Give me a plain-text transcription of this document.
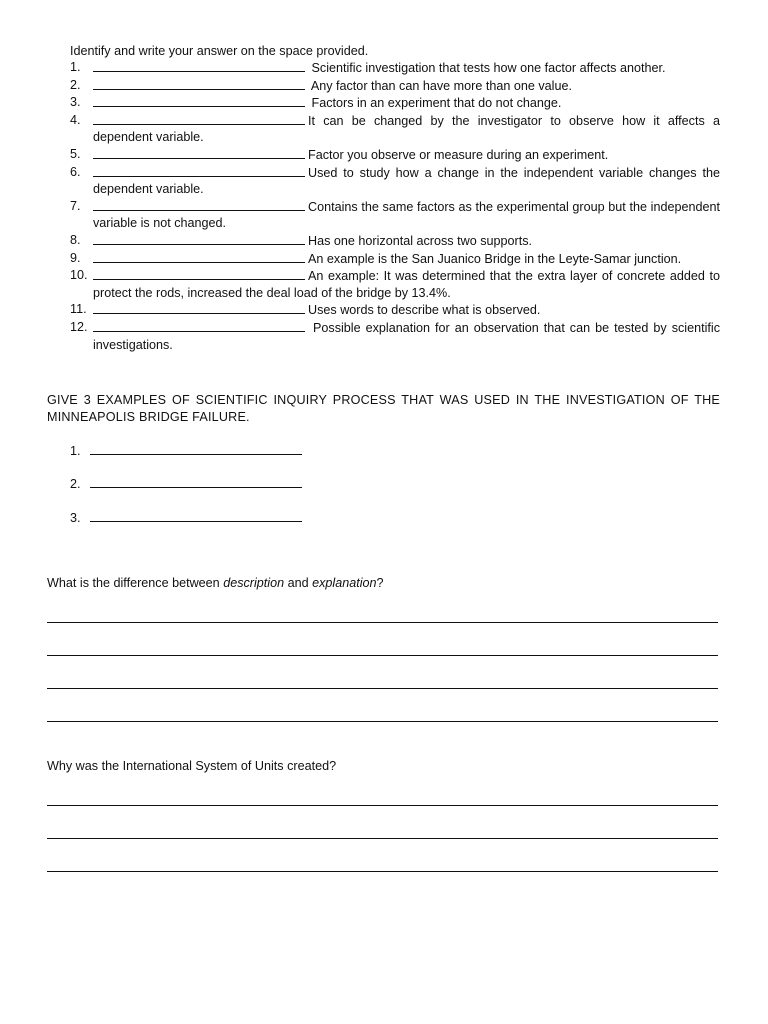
Identify and write your answer on the space provided.
1.	Scientific investigation that tests how one factor affects another.
2.	Any factor than can have more than one value.
3.	Factors in an experiment that do not change.
4.	It can be changed by the investigator to observe how it affects a dependent variable.
5.	Factor you observe or measure during an experiment.
6.	Used to study how a change in the independent variable changes the dependent variable.
7.	Contains the same factors as the experimental group but the independent variable is not changed.
8.	Has one horizontal across two supports.
9.	An example is the San Juanico Bridge in the Leyte-Samar junction.
10.	An example: It was determined that the extra layer of concrete added to protect the rods, increased the deal load of the bridge by 13.4%.
11.	Uses words to describe what is observed.
12.	Possible explanation for an observation that can be tested by scientific investigations.
GIVE 3 EXAMPLES OF SCIENTIFIC INQUIRY PROCESS THAT WAS USED IN THE INVESTIGATION OF THE MINNEAPOLIS BRIDGE FAILURE.
1.
2.
3.
What is the difference between description and explanation?
Why was the International System of Units created?
